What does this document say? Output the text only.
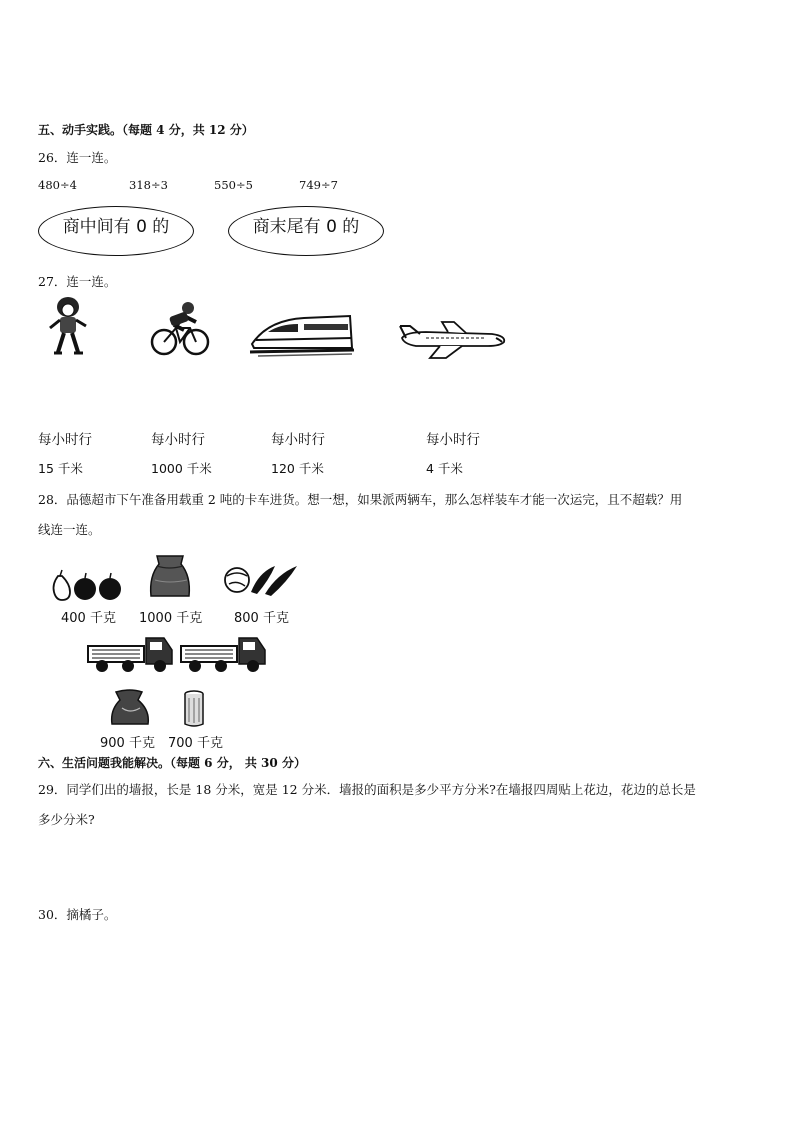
五、动手实践。（每题 4 分，共 12 分）
26．连一连。
480÷4	318÷3	550÷5	749÷7
商中间有 0 的	商末尾有 0 的
27．连一连。
每小时行	每小时行	每小时行	每小时行
15 千米	1000 千米	120 千米	4 千米
28．品德超市下午准备用载重 2 吨的卡车进货。想一想，如果派两辆车，那么怎样装车才能一次运完，且不超载？用
线连一连。
400 千克 1000 千克 800 千克
900 千克 700 千克
六、生活问题我能解决。（每题 6 分， 共 30 分）
29．同学们出的墙报，长是 18 分米，宽是 12 分米．墙报的面积是多少平方分米?在墙报四周贴上花边，花边的总长是
多少分米?
30．摘橘子。
